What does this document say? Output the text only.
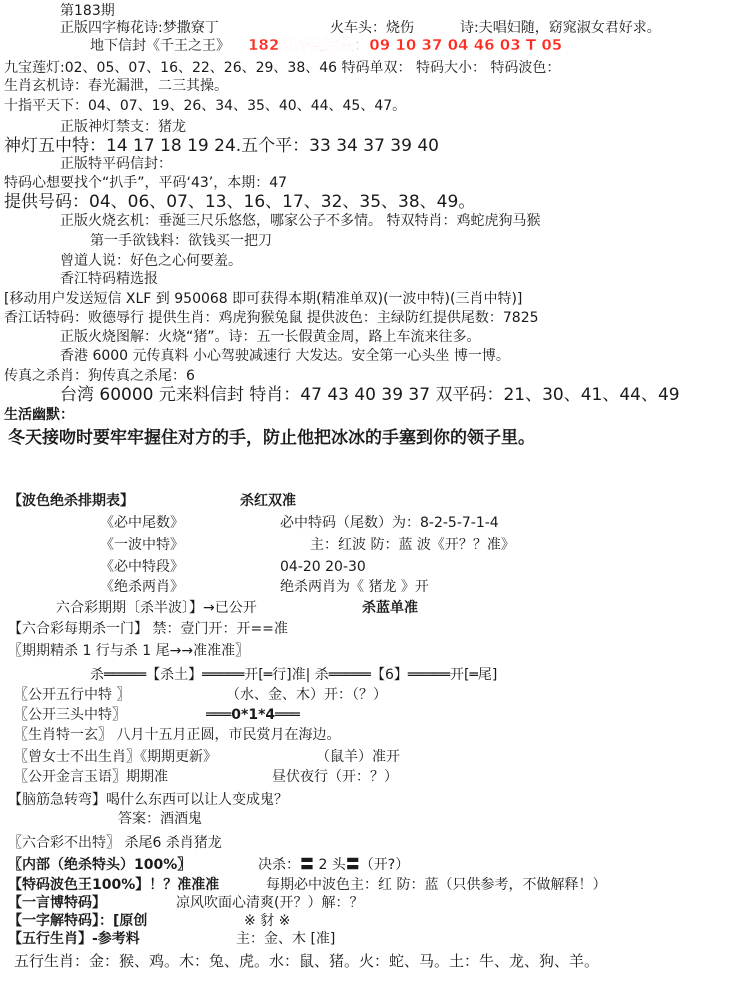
第183期
正版四字梅花诗:梦撒寮丁	火车头：烧伤	诗:夫唱妇随，窈窕淑女君好求。
地下信封《千王之王》 182期开奖结果：09 10 37 04 46 03 T 05
九宝莲灯:02、05、07、16、22、26、29、38、46 特码单双： 特码大小： 特码波色：
生肖玄机诗：春光漏泄，二三其操。
十指平天下：04、07、19、26、34、35、40、44、45、47。
正版神灯禁支：猪龙
神灯五中特：14 17 18 19 24.五个平：33 34 37 39 40
正版特平码信封：
特码心想要找个“扒手”，平码‘43’，本期：47
提供号码：04、06、07、13、16、17、32、35、38、49。
正版火烧玄机：垂涎三尺乐悠悠，哪家公子不多情。 特双特肖：鸡蛇虎狗马猴
第一手欲钱料：欲钱买一把刀
曾道人说：好色之心何要羞。
香江特码精选报
[移动用户发送短信 XLF 到 950068 即可获得本期(精准单双)(一波中特)(三肖中特)]
香江话特码：败德辱行 提供生肖：鸡虎狗猴兔鼠 提供波色：主绿防红提供尾数：7825
正版火烧图解：火烧“猪”。诗：五一长假黄金周，路上车流来往多。
香港 6000 元传真料 小心驾驶减速行 大发达。安全第一心头坐 博一博。
传真之杀肖：狗传真之杀尾：6
台湾 60000 元来料信封 特肖：47 43 40 39 37 双平码：21、30、41、44、49
生活幽默：
冬天接吻时要牢牢握住对方的手，防止他把冰冰的手塞到你的领子里。
【波色绝杀排期表】	杀红双准
《必中尾数》	必中特码（尾数）为：8-2-5-7-1-4
《一波中特》	主：红波 防：蓝 波《开？？准》
《必中特段》	04-20 20-30
《绝杀两肖》	绝杀两肖为《 猪龙 》开
六合彩期期〔杀半波〕】→已公开	杀蓝单准
【六合彩每期杀一门】 禁：壹门开：开==准
〖期期精杀 1 行与杀 1 尾→→准准准〗
杀═════【杀土】═════开[═行]准| 杀═════【6】═════开[═尾]
〖公开五行中特 〗	（水、金、木）开：（？）
〖公开三头中特〗	═══0*1*4═══
〖生肖特一玄〗 八月十五月正圆，市民赏月在海边。
〖曾女士不出生肖〗《期期更新》	（鼠羊）准开
〖公开金言玉语〗期期准	昼伏夜行（开：？）
【脑筋急转弯】喝什么东西可以让人变成鬼？
答案：酒酒鬼
〖六合彩不出特〗 杀尾6 杀肖猪龙
〖内部（绝杀特头）100%〗	决杀：〓 2 头〓（开?）
【特码波色王100%】！？准准准	每期必中波色主：红 防：蓝（只供参考，不做解释！）
【一言博特码】	凉风吹面心清爽(开？）解：？
【一字解特码】：[原创	※ 豺 ※
【五行生肖】-参考料	主：金、木 [准]
五行生肖：金：猴、鸡。木：兔、虎。水：鼠、猪。火：蛇、马。土：牛、龙、狗、羊。
